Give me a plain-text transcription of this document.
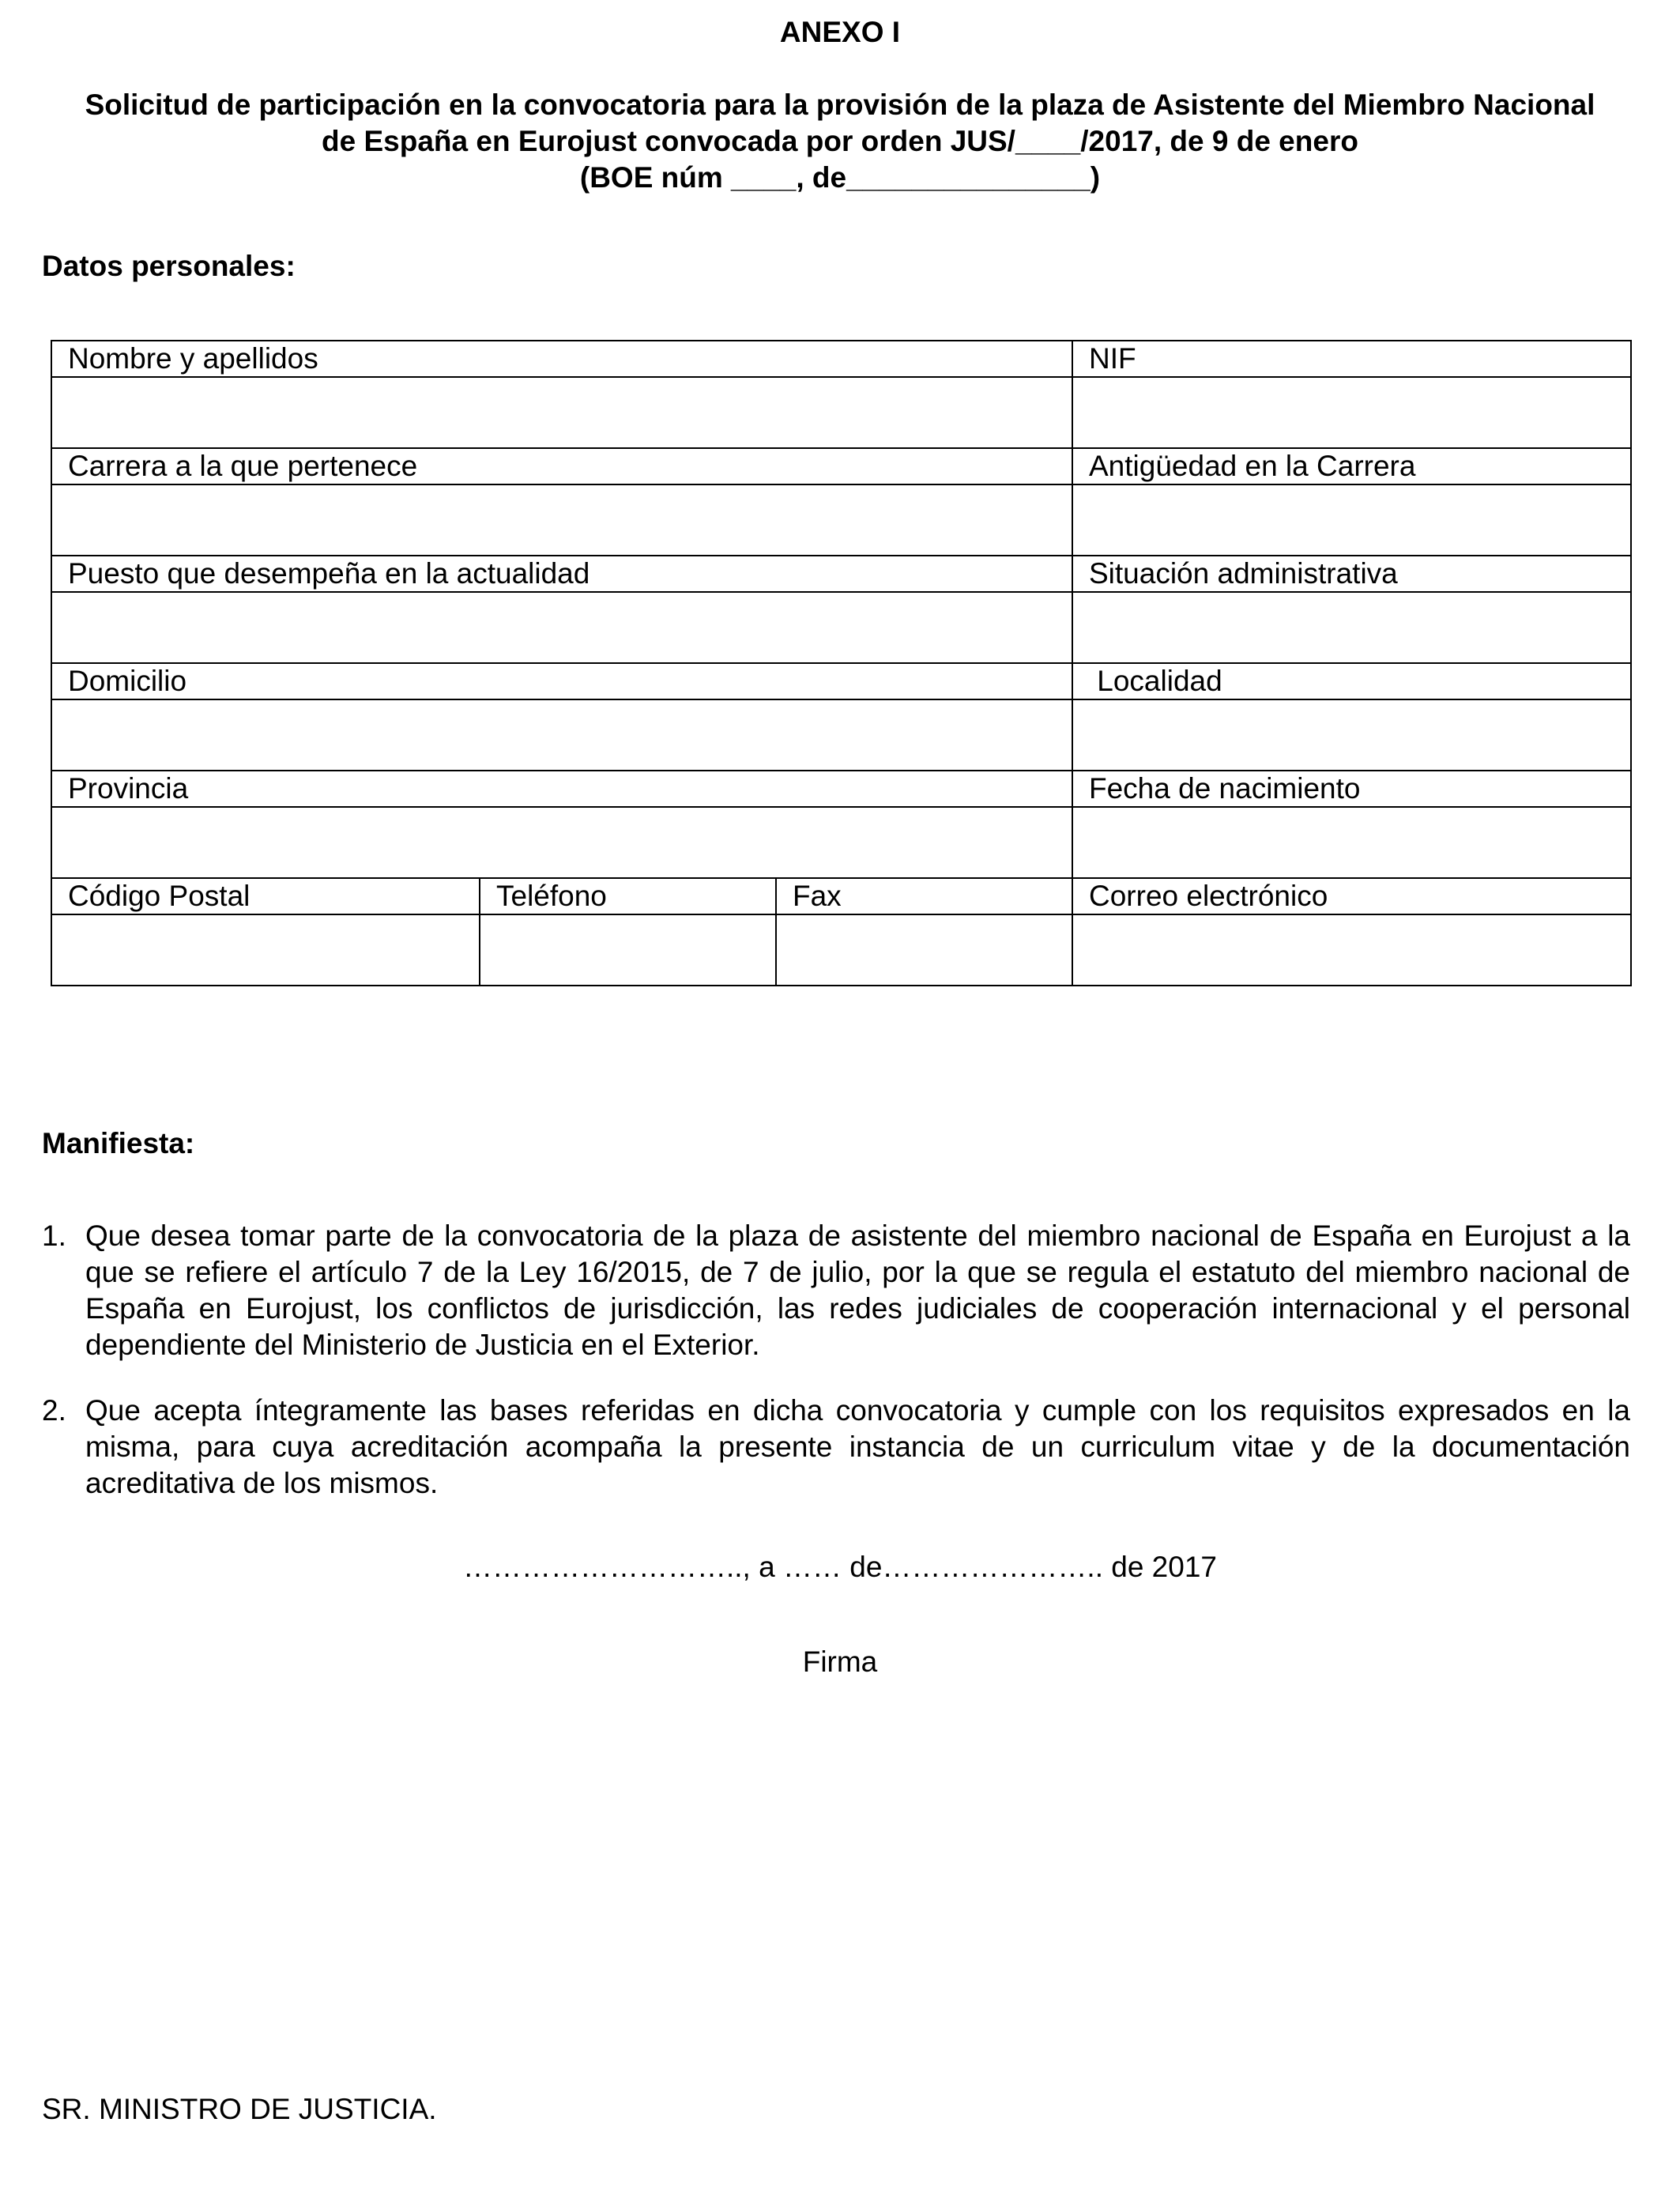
ANEXO I
Solicitud de participación en la convocatoria para la provisión de la plaza de Asistente del Miembro Nacional
de España en Eurojust convocada por orden JUS/____/2017, de 9 de enero
(BOE núm ____, de_______________)
Datos personales:
Nombre y apellidos			NIF

Carrera a la que pertenece			Antigüedad en la Carrera

Puesto que desempeña en la actualidad			Situación administrativa

Domicilio			Localidad

Provincia			Fecha de nacimiento

Código Postal	Teléfono	Fax	Correo electrónico

Manifiesta:
1. Que desea tomar parte de la convocatoria de la plaza de asistente del miembro nacional de España en Eurojust a la que se refiere el artículo 7 de la Ley 16/2015, de 7 de julio, por la que se regula el estatuto del miembro nacional de España en Eurojust, los conflictos de jurisdicción, las redes judiciales de cooperación internacional y el personal dependiente del Ministerio de Justicia en el Exterior.
2. Que acepta íntegramente las bases referidas en dicha convocatoria y cumple con los requisitos expresados en la misma, para cuya acreditación acompaña la presente instancia de un curriculum vitae y de la documentación acreditativa de los mismos.
……………………….., a …… de………………….. de 2017
Firma
SR. MINISTRO DE JUSTICIA.
